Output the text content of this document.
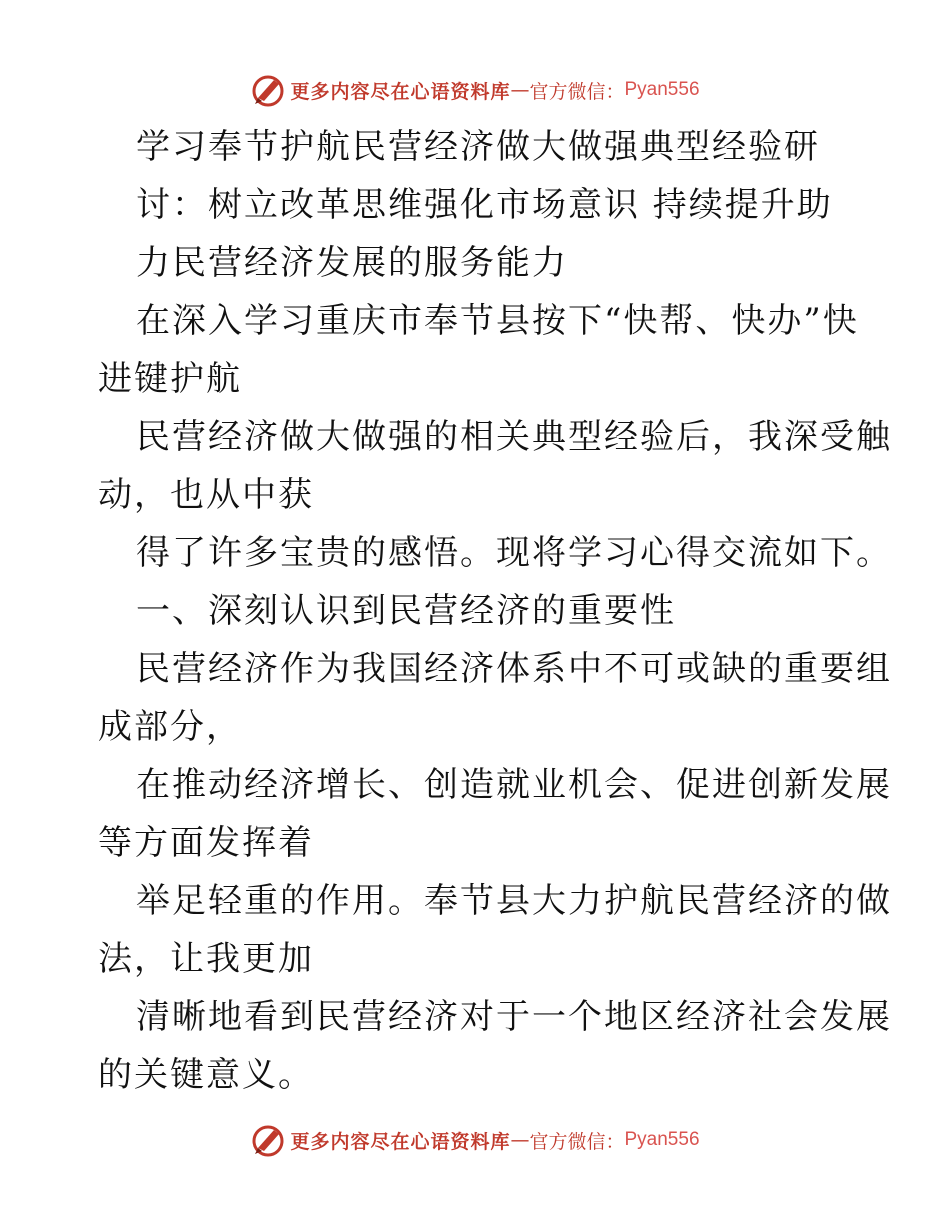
更多内容尽在心语资料库 — 官方微信： Pyan556
学习奉节护航民营经济做大做强典型经验研
讨：树立改革思维强化市场意识 持续提升助
力民营经济发展的服务能力
在深入学习重庆市奉节县按下“快帮、快办”快
进键护航
民营经济做大做强的相关典型经验后，我深受触
动，也从中获
得了许多宝贵的感悟。现将学习心得交流如下。
一、深刻认识到民营经济的重要性
民营经济作为我国经济体系中不可或缺的重要组
成部分，
在推动经济增长、创造就业机会、促进创新发展
等方面发挥着
举足轻重的作用。奉节县大力护航民营经济的做
法，让我更加
清晰地看到民营经济对于一个地区经济社会发展
的关键意义。
更多内容尽在心语资料库 — 官方微信： Pyan556
